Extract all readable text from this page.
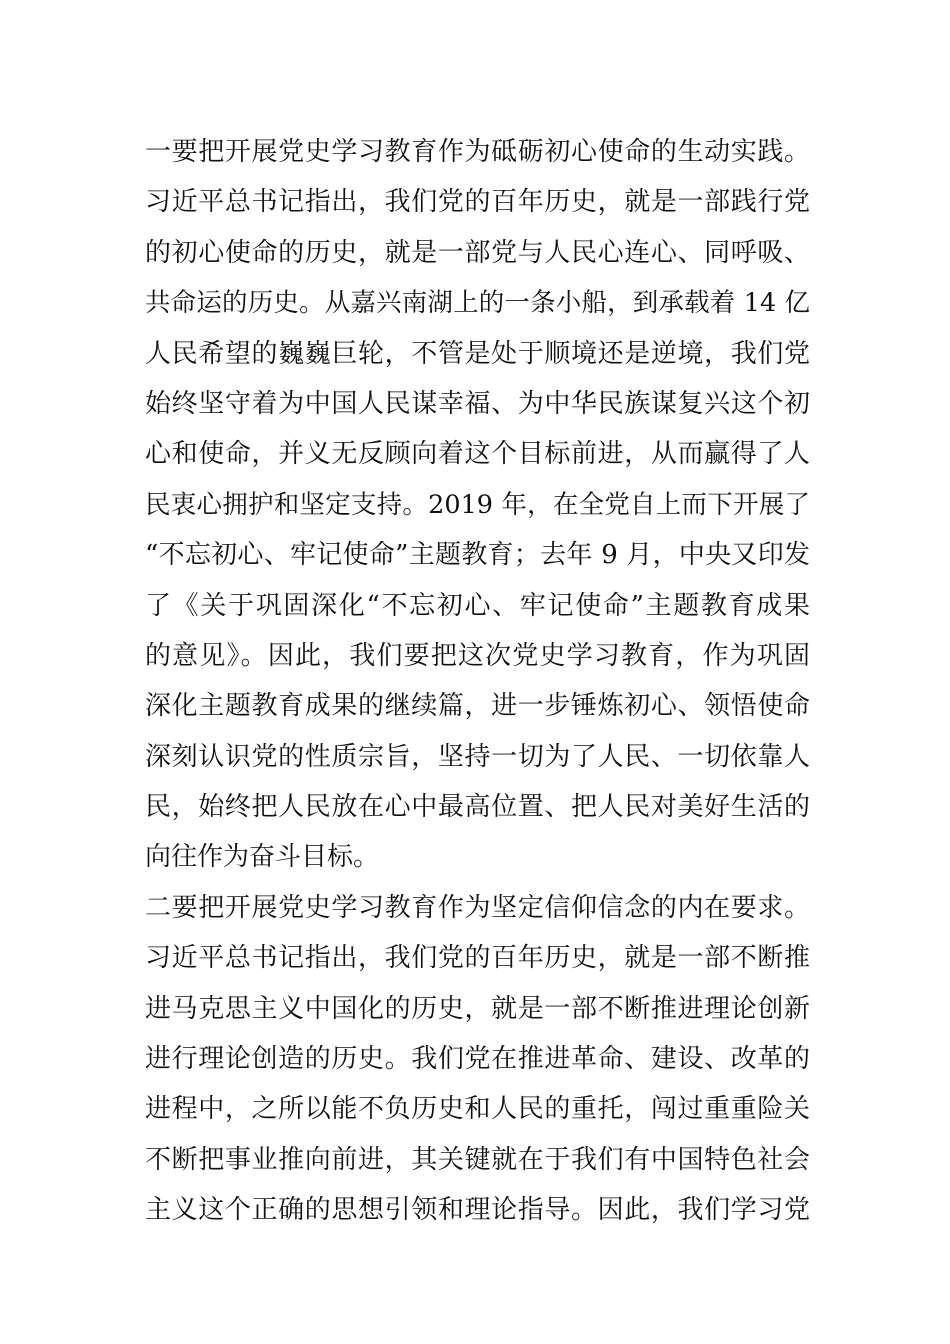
一要把开展党史学习教育作为砥砺初心使命的生动实践。
习近平总书记指出，我们党的百年历史，就是一部践行党
的初心使命的历史，就是一部党与人民心连心、同呼吸、
共命运的历史。从嘉兴南湖上的一条小船，到承载着 14 亿
人民希望的巍巍巨轮，不管是处于顺境还是逆境，我们党
始终坚守着为中国人民谋幸福、为中华民族谋复兴这个初
心和使命，并义无反顾向着这个目标前进，从而赢得了人
民衷心拥护和坚定支持。2019 年，在全党自上而下开展了
“不忘初心、牢记使命”主题教育；去年 9 月，中央又印发
了《关于巩固深化“不忘初心、牢记使命”主题教育成果
的意见》。因此，我们要把这次党史学习教育，作为巩固
深化主题教育成果的继续篇，进一步锤炼初心、领悟使命
深刻认识党的性质宗旨，坚持一切为了人民、一切依靠人
民，始终把人民放在心中最高位置、把人民对美好生活的
向往作为奋斗目标。
二要把开展党史学习教育作为坚定信仰信念的内在要求。
习近平总书记指出，我们党的百年历史，就是一部不断推
进马克思主义中国化的历史，就是一部不断推进理论创新
进行理论创造的历史。我们党在推进革命、建设、改革的
进程中，之所以能不负历史和人民的重托，闯过重重险关
不断把事业推向前进，其关键就在于我们有中国特色社会
主义这个正确的思想引领和理论指导。因此，我们学习党
